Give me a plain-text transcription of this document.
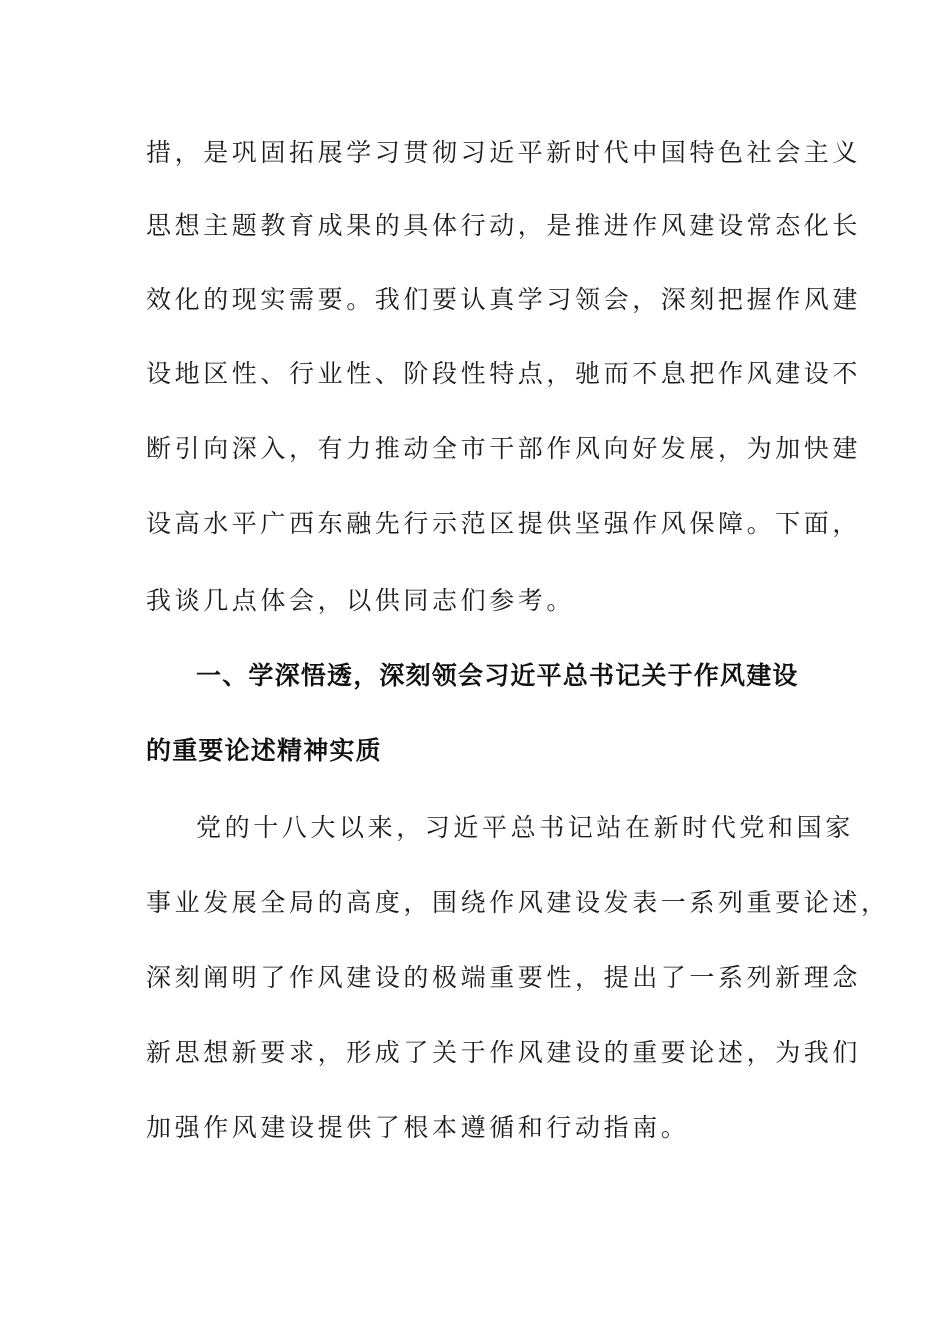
措，是巩固拓展学习贯彻习近平新时代中国特色社会主义
思想主题教育成果的具体行动，是推进作风建设常态化长
效化的现实需要。我们要认真学习领会，深刻把握作风建
设地区性、行业性、阶段性特点，驰而不息把作风建设不
断引向深入，有力推动全市干部作风向好发展，为加快建
设高水平广西东融先行示范区提供坚强作风保障。下面，
我谈几点体会，以供同志们参考。
一、学深悟透，深刻领会习近平总书记关于作风建设
的重要论述精神实质
党的十八大以来，习近平总书记站在新时代党和国家
事业发展全局的高度，围绕作风建设发表一系列重要论述，
深刻阐明了作风建设的极端重要性，提出了一系列新理念
新思想新要求，形成了关于作风建设的重要论述，为我们
加强作风建设提供了根本遵循和行动指南。
